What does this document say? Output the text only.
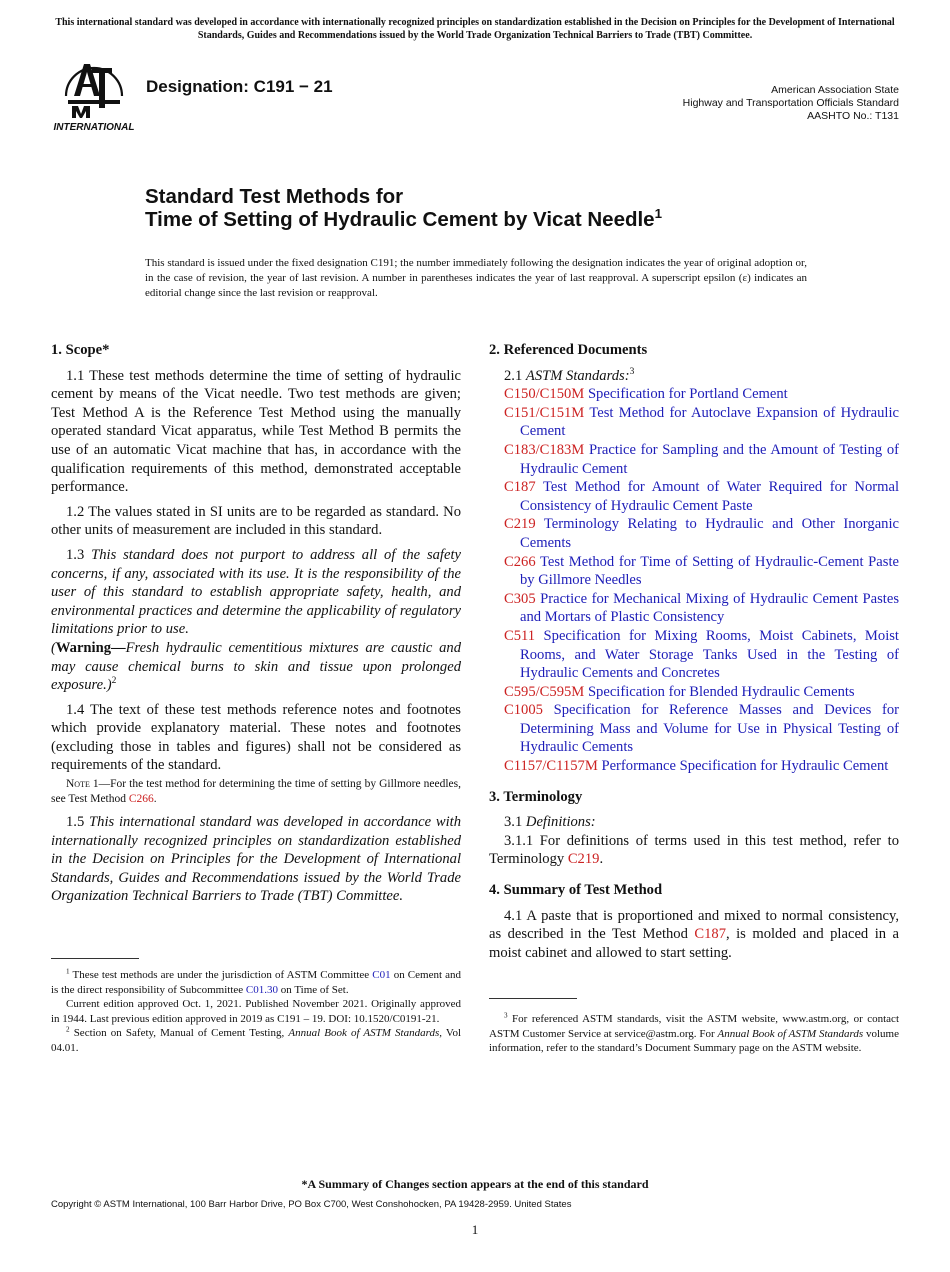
This international standard was developed in accordance with internationally recognized principles on standardization established in the Decision on Principles for the Development of International Standards, Guides and Recommendations issued by the World Trade Organization Technical Barriers to Trade (TBT) Committee.
INTERNATIONAL
Designation: C191 − 21	American Association State
Highway and Transportation Officials Standard
AASHTO No.: T131
Standard Test Methods for
Time of Setting of Hydraulic Cement by Vicat Needle$^1$
This standard is issued under the fixed designation C191; the number immediately following the designation indicates the year of original adoption or, in the case of revision, the year of last revision. A number in parentheses indicates the year of last reapproval. A superscript epsilon (ε) indicates an editorial change since the last revision or reapproval.
1. Scope*

1.1 These test methods determine the time of setting of hydraulic cement by means of the Vicat needle. Two test methods are given; Test Method A is the Reference Test Method using the manually operated standard Vicat apparatus, while Test Method B permits the use of an automatic Vicat machine that has, in accordance with the qualification requirements of this method, demonstrated acceptable performance.

1.2 The values stated in SI units are to be regarded as standard. No other units of measurement are included in this standard.

1.3 This standard does not purport to address all of the safety concerns, if any, associated with its use. It is the responsibility of the user of this standard to establish appropriate safety, health, and environmental practices and determine the applicability of regulatory limitations prior to use.
(Warning—Fresh hydraulic cementitious mixtures are caustic and may cause chemical burns to skin and tissue upon prolonged exposure.)$^2$

1.4 The text of these test methods reference notes and footnotes which provide explanatory material. These notes and footnotes (excluding those in tables and figures) shall not be considered as requirements of the standard.

Note 1—For the test method for determining the time of setting by Gillmore needles, see Test Method C266.

1.5 This international standard was developed in accordance with internationally recognized principles on standardization established in the Decision on Principles for the Development of International Standards, Guides and Recommendations issued by the World Trade Organization Technical Barriers to Trade (TBT) Committee.

$^1$ These test methods are under the jurisdiction of ASTM Committee C01 on Cement and is the direct responsibility of Subcommittee C01.30 on Time of Set.

Current edition approved Oct. 1, 2021. Published November 2021. Originally approved in 1944. Last previous edition approved in 2019 as C191 – 19. DOI: 10.1520/C0191-21.

$^2$ Section on Safety, Manual of Cement Testing, Annual Book of ASTM Standards, Vol 04.01.

2. Referenced Documents
2.1 ASTM Standards:$^3$
C150/C150M Specification for Portland Cement
C151/C151M Test Method for Autoclave Expansion of Hydraulic Cement
C183/C183M Practice for Sampling and the Amount of Testing of Hydraulic Cement
C187 Test Method for Amount of Water Required for Normal Consistency of Hydraulic Cement Paste
C219 Terminology Relating to Hydraulic and Other Inorganic Cements
C266 Test Method for Time of Setting of Hydraulic-Cement Paste by Gillmore Needles
C305 Practice for Mechanical Mixing of Hydraulic Cement Pastes and Mortars of Plastic Consistency
C511 Specification for Mixing Rooms, Moist Cabinets, Moist Rooms, and Water Storage Tanks Used in the Testing of Hydraulic Cements and Concretes
C595/C595M Specification for Blended Hydraulic Cements
C1005 Specification for Reference Masses and Devices for Determining Mass and Volume for Use in Physical Testing of Hydraulic Cements
C1157/C1157M Performance Specification for Hydraulic Cement
3. Terminology
3.1 Definitions:

3.1.1 For definitions of terms used in this test method, refer to Terminology C219.

4. Summary of Test Method

4.1 A paste that is proportioned and mixed to normal consistency, as described in the Test Method C187, is molded and placed in a moist cabinet and allowed to start setting.

$^3$ For referenced ASTM standards, visit the ASTM website, www.astm.org, or contact ASTM Customer Service at service@astm.org. For Annual Book of ASTM Standards volume information, refer to the standard’s Document Summary page on the ASTM website.

*A Summary of Changes section appears at the end of this standard
Copyright © ASTM International, 100 Barr Harbor Drive, PO Box C700, West Conshohocken, PA 19428-2959. United States
1
